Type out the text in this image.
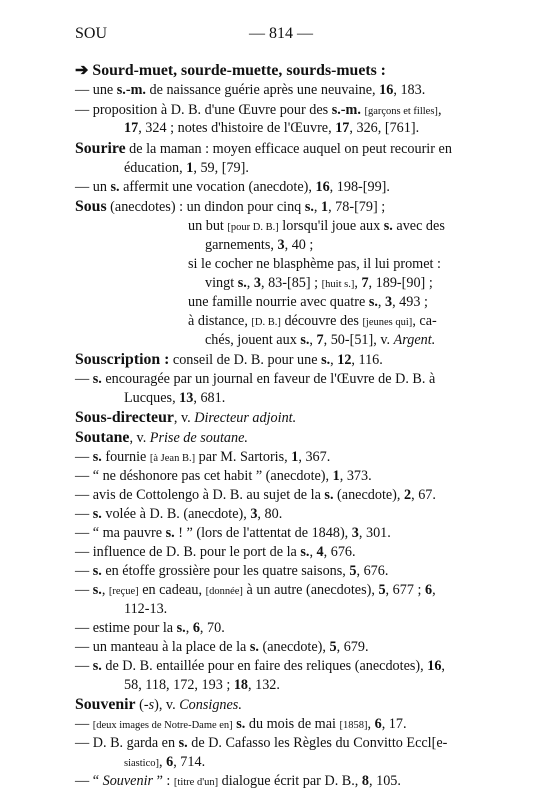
SOU	— 814 —
➔ Sourd-muet, sourde-muette, sourds-muets :
— une s.-m. de naissance guérie après une neuvaine, 16, 183.
— proposition à D. B. d'une Œuvre pour des s.-m. [garçons et filles],
17, 324 ; notes d'histoire de l'Œuvre, 17, 326, [761].
Sourire de la maman : moyen efficace auquel on peut recourir en
éducation, 1, 59, [79].
— un s. affermit une vocation (anecdote), 16, 198-[99].
Sous (anecdotes) : un dindon pour cinq s., 1, 78-[79] ;
un but [pour D. B.] lorsqu'il joue aux s. avec des
garnements, 3, 40 ;
si le cocher ne blasphème pas, il lui promet :
vingt s., 3, 83-[85] ; [huit s.], 7, 189-[90] ;
une famille nourrie avec quatre s., 3, 493 ;
à distance, [D. B.] découvre des [jeunes qui], ca-
chés, jouent aux s., 7, 50-[51], v. Argent.
Souscription : conseil de D. B. pour une s., 12, 116.
— s. encouragée par un journal en faveur de l'Œuvre de D. B. à
Lucques, 13, 681.
Sous-directeur, v. Directeur adjoint.
Soutane, v. Prise de soutane.
— s. fournie [à Jean B.] par M. Sartoris, 1, 367.
— “ ne déshonore pas cet habit ” (anecdote), 1, 373.
— avis de Cottolengo à D. B. au sujet de la s. (anecdote), 2, 67.
— s. volée à D. B. (anecdote), 3, 80.
— “ ma pauvre s. ! ” (lors de l'attentat de 1848), 3, 301.
— influence de D. B. pour le port de la s., 4, 676.
— s. en étoffe grossière pour les quatre saisons, 5, 676.
— s., [reçue] en cadeau, [donnée] à un autre (anecdotes), 5, 677 ; 6,
112-13.
— estime pour la s., 6, 70.
— un manteau à la place de la s. (anecdote), 5, 679.
— s. de D. B. entaillée pour en faire des reliques (anecdotes), 16,
58, 118, 172, 193 ; 18, 132.
Souvenir (-s), v. Consignes.
— [deux images de Notre-Dame en] s. du mois de mai [1858], 6, 17.
— D. B. garda en s. de D. Cafasso les Règles du Convitto Eccl[e-
siastico], 6, 714.
— “ Souvenir ” : [titre d'un] dialogue écrit par D. B., 8, 105.
